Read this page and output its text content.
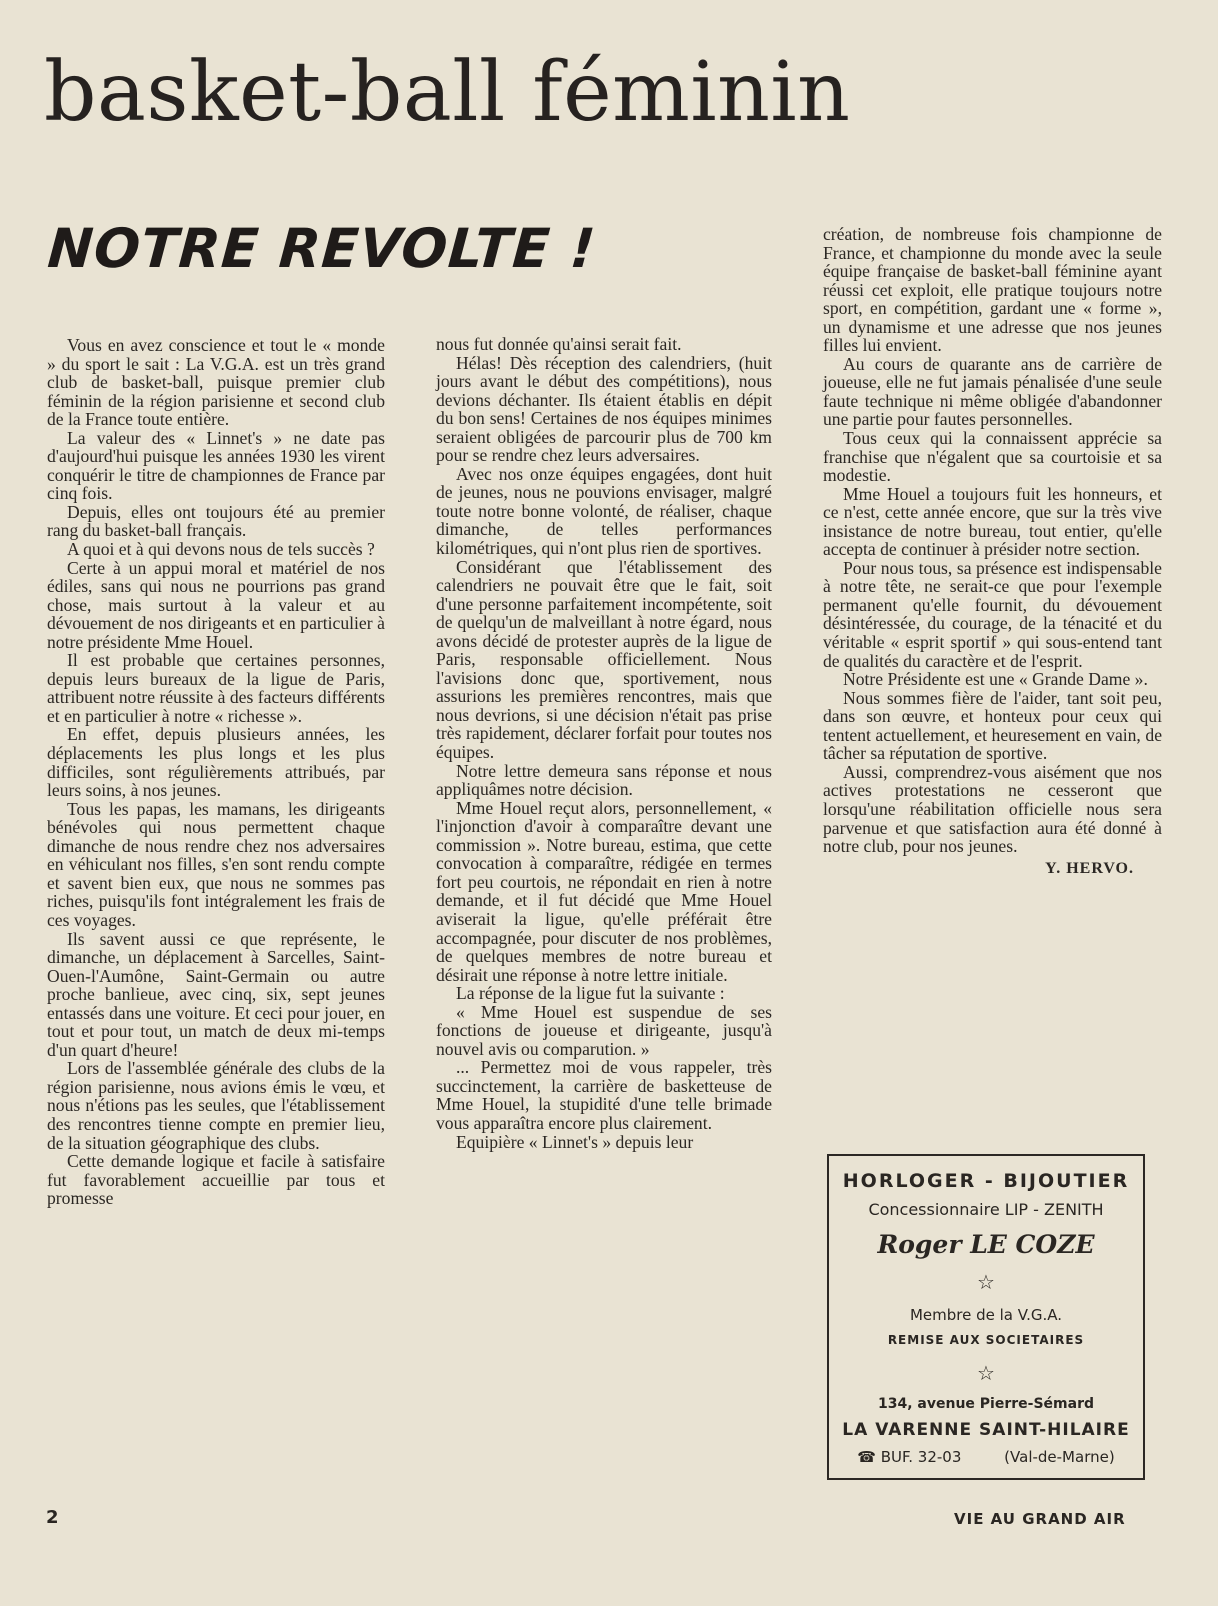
basket-ball féminin
NOTRE REVOLTE !

Vous en avez conscience et tout le « monde » du sport le sait : La V.G.A. est un très grand club de basket-ball, puisque premier club féminin de la région parisienne et second club de la France toute entière.

La valeur des « Linnet's » ne date pas d'aujourd'hui puisque les années 1930 les virent conquérir le titre de championnes de France par cinq fois.

Depuis, elles ont toujours été au premier rang du basket-ball français.

A quoi et à qui devons nous de tels succès ?

Certe à un appui moral et matériel de nos édiles, sans qui nous ne pourrions pas grand chose, mais surtout à la valeur et au dévouement de nos dirigeants et en particulier à notre présidente Mme Houel.

Il est probable que certaines personnes, depuis leurs bureaux de la ligue de Paris, attribuent notre réussite à des facteurs différents et en particulier à notre « richesse ».

En effet, depuis plusieurs années, les déplacements les plus longs et les plus difficiles, sont régulièrements attribués, par leurs soins, à nos jeunes.

Tous les papas, les mamans, les dirigeants bénévoles qui nous permettent chaque dimanche de nous rendre chez nos adversaires en véhiculant nos filles, s'en sont rendu compte et savent bien eux, que nous ne sommes pas riches, puisqu'ils font intégralement les frais de ces voyages.

Ils savent aussi ce que représente, le dimanche, un déplacement à Sarcelles, Saint-Ouen-l'Aumône, Saint-Germain ou autre proche banlieue, avec cinq, six, sept jeunes entassés dans une voiture. Et ceci pour jouer, en tout et pour tout, un match de deux mi-temps d'un quart d'heure!

Lors de l'assemblée générale des clubs de la région parisienne, nous avions émis le vœu, et nous n'étions pas les seules, que l'établissement des rencontres tienne compte en premier lieu, de la situation géographique des clubs.

Cette demande logique et facile à satisfaire fut favorablement accueillie par tous et promesse

nous fut donnée qu'ainsi serait fait.

Hélas! Dès réception des calendriers, (huit jours avant le début des compétitions), nous devions déchanter. Ils étaient établis en dépit du bon sens! Certaines de nos équipes minimes seraient obligées de parcourir plus de 700 km pour se rendre chez leurs adversaires.

Avec nos onze équipes engagées, dont huit de jeunes, nous ne pouvions envisager, malgré toute notre bonne volonté, de réaliser, chaque dimanche, de telles performances kilométriques, qui n'ont plus rien de sportives.

Considérant que l'établissement des calendriers ne pouvait être que le fait, soit d'une personne parfaitement incompétente, soit de quelqu'un de malveillant à notre égard, nous avons décidé de protester auprès de la ligue de Paris, responsable officiellement. Nous l'avisions donc que, sportivement, nous assurions les premières rencontres, mais que nous devrions, si une décision n'était pas prise très rapidement, déclarer forfait pour toutes nos équipes.

Notre lettre demeura sans réponse et nous appliquâmes notre décision.

Mme Houel reçut alors, personnellement, « l'injonction d'avoir à comparaître devant une commission ». Notre bureau, estima, que cette convocation à comparaître, rédigée en termes fort peu courtois, ne répondait en rien à notre demande, et il fut décidé que Mme Houel aviserait la ligue, qu'elle préférait être accompagnée, pour discuter de nos problèmes, de quelques membres de notre bureau et désirait une réponse à notre lettre initiale.

La réponse de la ligue fut la suivante :

« Mme Houel est suspendue de ses fonctions de joueuse et dirigeante, jusqu'à nouvel avis ou comparution. »

... Permettez moi de vous rappeler, très succinctement, la carrière de basketteuse de Mme Houel, la stupidité d'une telle brimade vous apparaîtra encore plus clairement.

Equipière « Linnet's » depuis leur

création, de nombreuse fois championne de France, et championne du monde avec la seule équipe française de basket-ball féminine ayant réussi cet exploit, elle pratique toujours notre sport, en compétition, gardant une « forme », un dynamisme et une adresse que nos jeunes filles lui envient.

Au cours de quarante ans de carrière de joueuse, elle ne fut jamais pénalisée d'une seule faute technique ni même obligée d'abandonner une partie pour fautes personnelles.

Tous ceux qui la connaissent apprécie sa franchise que n'égalent que sa courtoisie et sa modestie.

Mme Houel a toujours fuit les honneurs, et ce n'est, cette année encore, que sur la très vive insistance de notre bureau, tout entier, qu'elle accepta de continuer à présider notre section.

Pour nous tous, sa présence est indispensable à notre tête, ne serait-ce que pour l'exemple permanent qu'elle fournit, du dévouement désintéressée, du courage, de la ténacité et du véritable « esprit sportif » qui sous-entend tant de qualités du caractère et de l'esprit.

Notre Présidente est une « Grande Dame ».

Nous sommes fière de l'aider, tant soit peu, dans son œuvre, et honteux pour ceux qui tentent actuellement, et heuresement en vain, de tâcher sa réputation de sportive.

Aussi, comprendrez-vous aisément que nos actives protestations ne cesseront que lorsqu'une réabilitation officielle nous sera parvenue et que satisfaction aura été donné à notre club, pour nos jeunes.

Y. HERVO.
HORLOGER - BIJOUTIER
Concessionnaire LIP - ZENITH
Roger LE COZE
☆
Membre de la V.G.A.
REMISE AUX SOCIETAIRES
☆
134, avenue Pierre-Sémard
LA VARENNE SAINT-HILAIRE
☎ BUF. 32-03	(Val-de-Marne)
2	VIE AU GRAND AIR
